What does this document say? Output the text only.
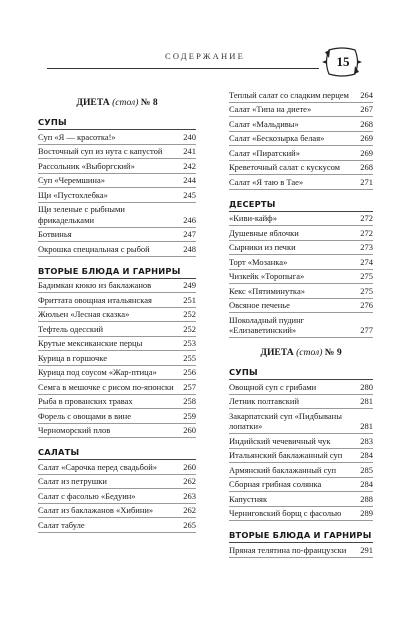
СОДЕРЖАНИЕ	15
ДИЕТА (стол) № 8
СУПЫ
Суп «Я — красотка!»	240
Восточный суп из нута с капустой	241
Рассольник «Выборгский»	242
Суп «Черемшина»	244
Щи «Пустохлебка»	245
Щи зеленые с рыбными фрикадельками	246
Ботвинья	247
Окрошка специальная с рыбой	248
ВТОРЫЕ БЛЮДА И ГАРНИРЫ
Бадимкан кюкю из баклажанов	249
Фриттата овощная итальянская	251
Жюльен «Лесная сказка»	252
Тефтель одесский	252
Крутые мексиканские перцы	253
Курица в горшочке	255
Курица под соусом «Жар-птица»	256
Семга в мешочке с рисом по-японски	257
Рыба в прованских травах	258
Форель с овощами в вине	259
Черноморский плов	260
САЛАТЫ
Салат «Сарочка перед свадьбой»	260
Салат из петрушки	262
Салат с фасолью «Бедуин»	263
Салат из баклажанов «Хибини»	262
Салат табуле	265
Теплый салат со сладким перцем	264
Салат «Типа на диете»	267
Салат «Мальдивы»	268
Салат «Бескозырка белая»	269
Салат «Пиратский»	269
Креветочный салат с кускусом	268
Салат «Я таю в Тае»	271
ДЕСЕРТЫ
«Киви-кайф»	272
Душевные яблочки	272
Сырники из печки	273
Торт «Мозанка»	274
Чизкейк «Торопыга»	275
Кекс «Пятиминутка»	275
Овсяное печенье	276
Шоколадный пудинг «Елизаветинский»	277
ДИЕТА (стол) № 9
СУПЫ
Овощной суп с грибами	280
Летник полтавский	281
Закарпатский суп «Пидбываны лопатки»	281
Индийский чечевичный чук	283
Итальянский баклажанный суп	284
Армянский баклажанный суп	285
Сборная грибная солянка	284
Капустняк	288
Черниговский борщ с фасолью	289
ВТОРЫЕ БЛЮДА И ГАРНИРЫ
Пряная телятина по-французски	291
